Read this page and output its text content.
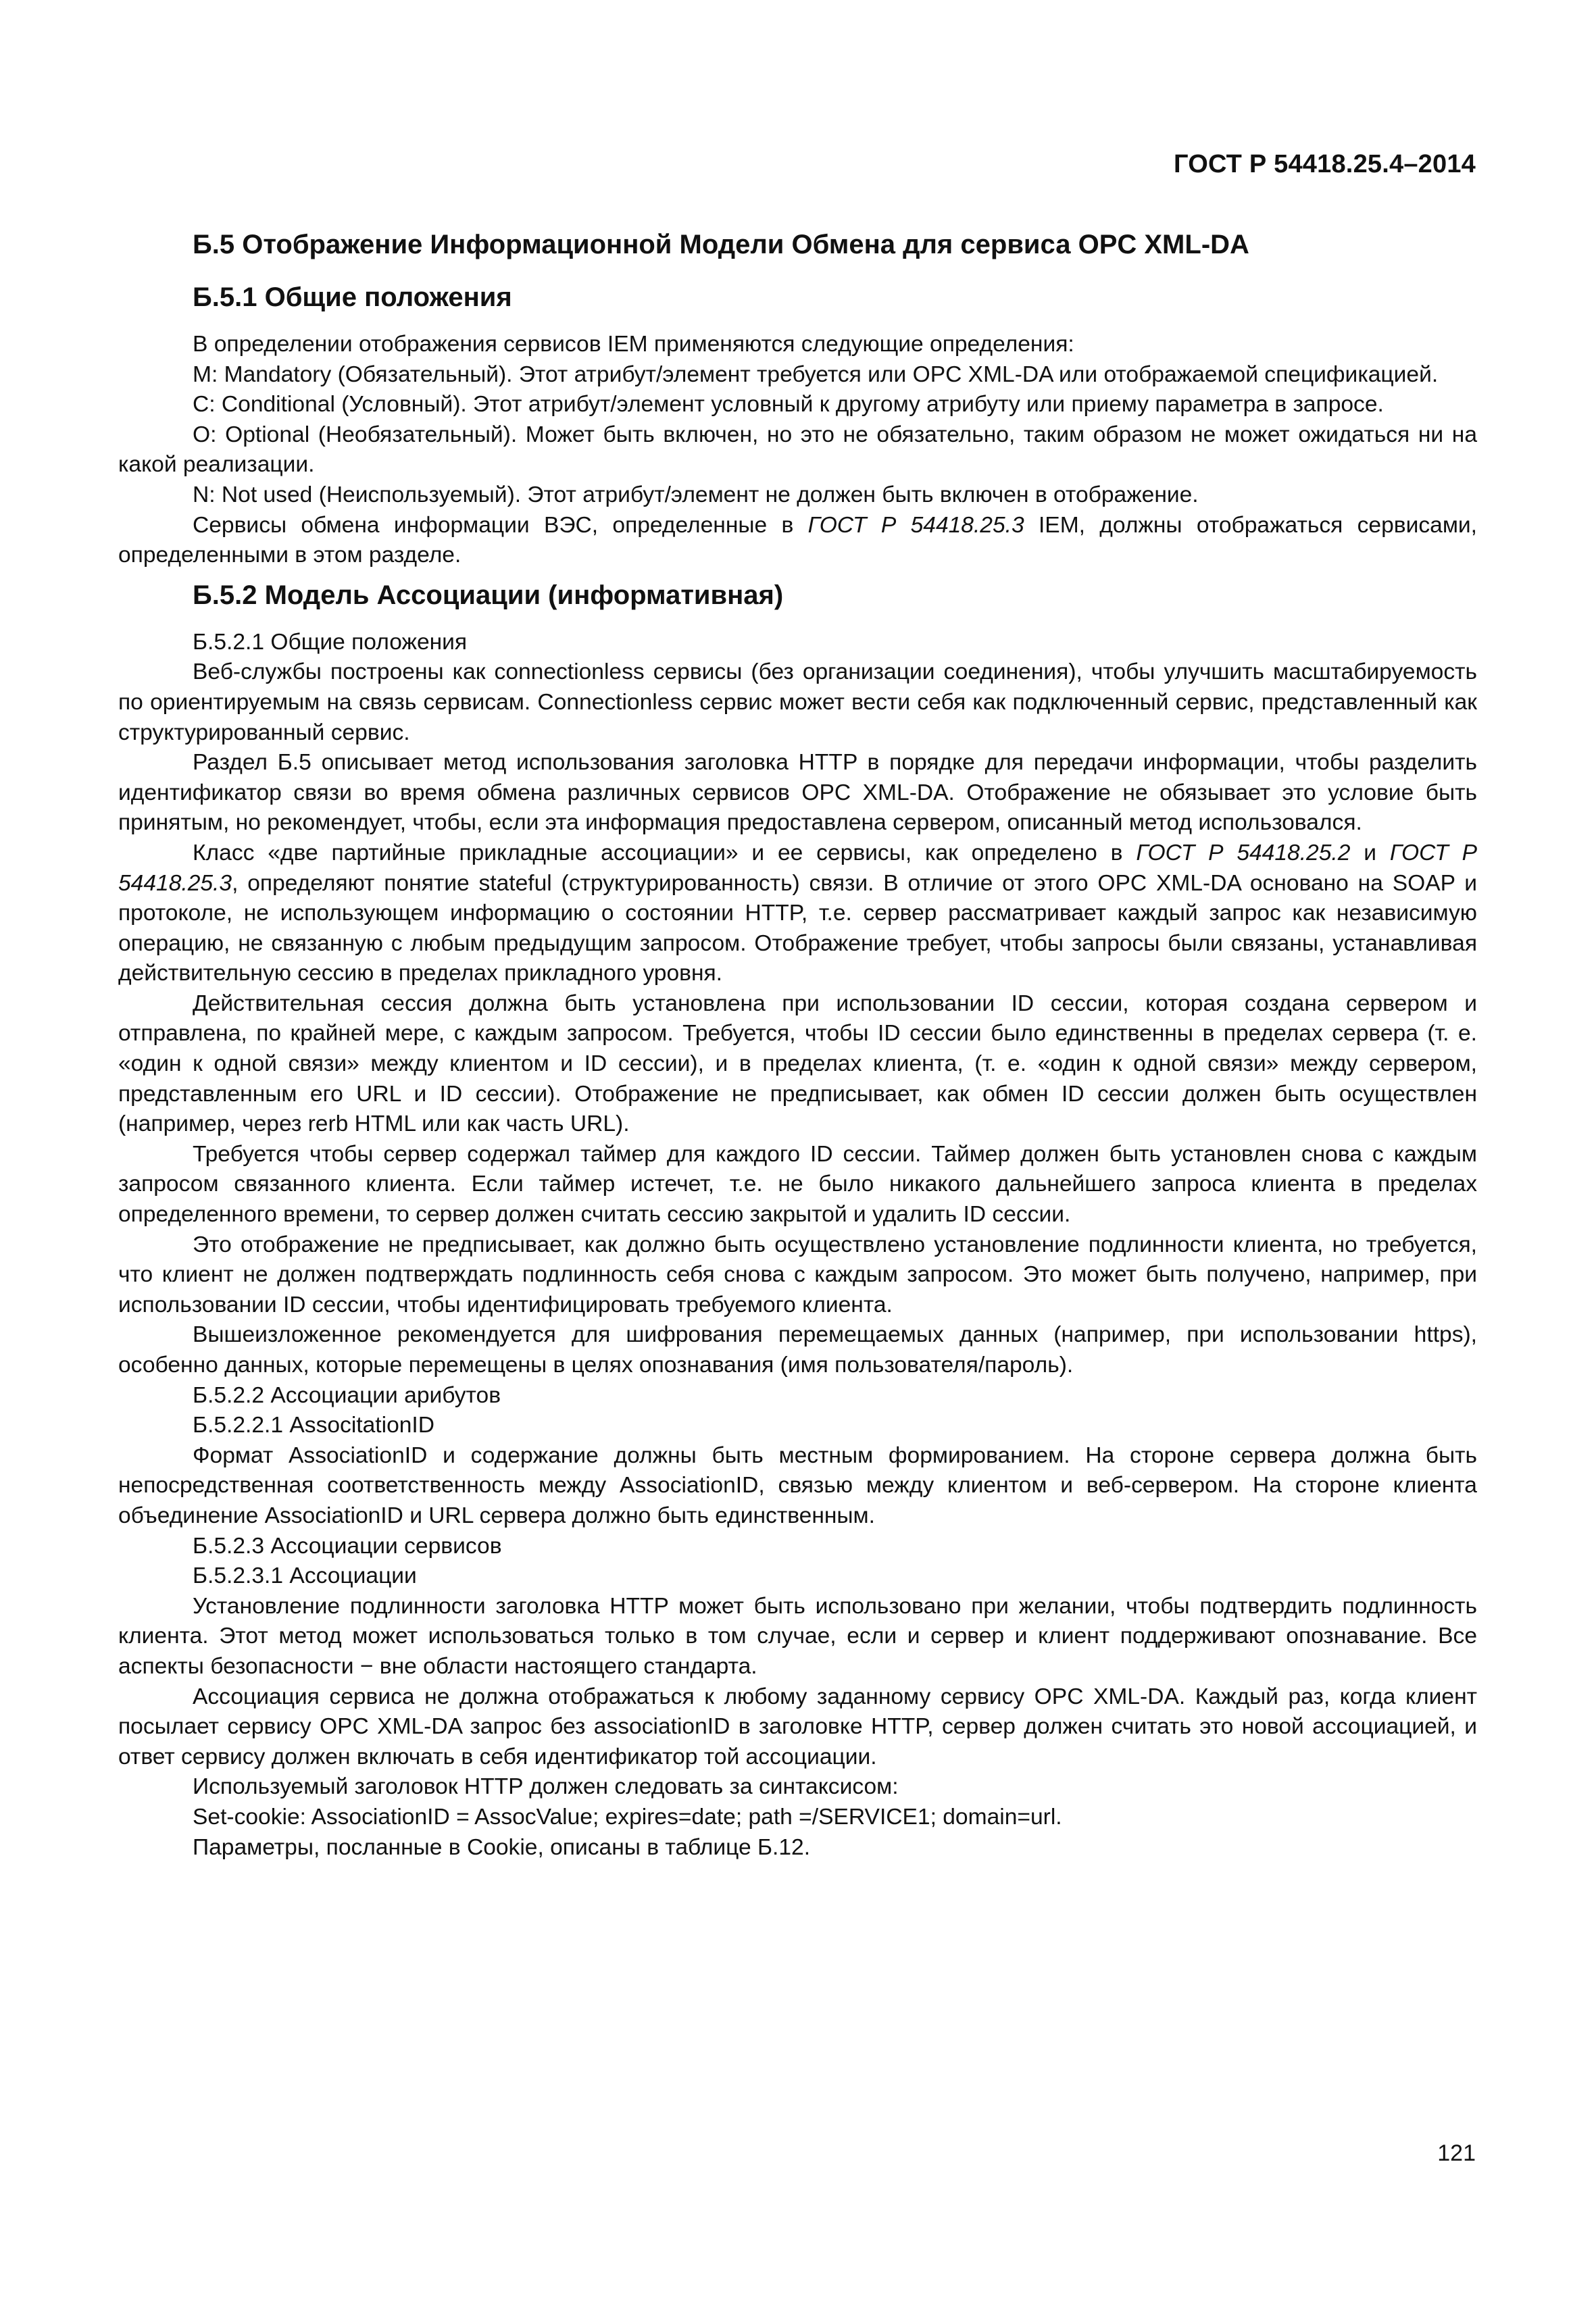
ГОСТ Р 54418.25.4–2014
Б.5 Отображение Информационной Модели Обмена для сервиса OPC XML-DA
Б.5.1 Общие положения

В определении отображения сервисов IEM применяются следующие определения:

M: Mandatory (Обязательный). Этот атрибут/элемент требуется или OPC XML-DA или отображаемой спецификацией.

C: Conditional (Условный). Этот атрибут/элемент условный к другому атрибуту или приему параметра в запросе.

O: Optional (Необязательный). Может быть включен, но это не обязательно, таким образом не может ожидаться ни на какой реализации.

N: Not used (Неиспользуемый). Этот атрибут/элемент не должен быть включен в отображение.

Сервисы обмена информации ВЭС, определенные в ГОСТ Р 54418.25.3 IEM, должны отображаться сервисами, определенными в этом разделе.

Б.5.2 Модель Ассоциации (информативная)

Б.5.2.1 Общие положения

Веб-службы построены как connectionless сервисы (без организации соединения), чтобы улучшить масштабируемость по ориентируемым на связь сервисам. Connectionless сервис может вести себя как подключенный сервис, представленный как структурированный сервис.

Раздел Б.5 описывает метод использования заголовка HTTP в порядке для передачи информации, чтобы разделить идентификатор связи во время обмена различных сервисов OPC XML-DA. Отображение не обязывает это условие быть принятым, но рекомендует, чтобы, если эта информация предоставлена сервером, описанный метод использовался.

Класс «две партийные прикладные ассоциации» и ее сервисы, как определено в ГОСТ Р 54418.25.2 и ГОСТ Р 54418.25.3, определяют понятие stateful (структурированность) связи. В отличие от этого OPC XML-DA основано на SOAP и протоколе, не использующем информацию о состоянии HTTP, т.е. сервер рассматривает каждый запрос как независимую операцию, не связанную с любым предыдущим запросом. Отображение требует, чтобы запросы были связаны, устанавливая действительную сессию в пределах прикладного уровня.

Действительная сессия должна быть установлена при использовании ID сессии, которая создана сервером и отправлена, по крайней мере, с каждым запросом. Требуется, чтобы ID сессии было единственны в пределах сервера (т. е. «один к одной связи» между клиентом и ID сессии), и в пределах клиента, (т. е. «один к одной связи» между сервером, представленным его URL и ID сессии). Отображение не предписывает, как обмен ID сессии должен быть осуществлен (например, через rerb HTML или как часть URL).

Требуется чтобы сервер содержал таймер для каждого ID сессии. Таймер должен быть установлен снова с каждым запросом связанного клиента. Если таймер истечет, т.е. не было никакого дальнейшего запроса клиента в пределах определенного времени, то сервер должен считать сессию закрытой и удалить ID сессии.

Это отображение не предписывает, как должно быть осуществлено установление подлинности клиента, но требуется, что клиент не должен подтверждать подлинность себя снова с каждым запросом. Это может быть получено, например, при использовании ID сессии, чтобы идентифицировать требуемого клиента.

Вышеизложенное рекомендуется для шифрования перемещаемых данных (например, при использовании https), особенно данных, которые перемещены в целях опознавания (имя пользователя/пароль).

Б.5.2.2 Ассоциации арибутов

Б.5.2.2.1 AssocitationID

Формат AssociationID и содержание должны быть местным формированием. На стороне сервера должна быть непосредственная соответственность между AssociationID, связью между клиентом и веб-сервером. На стороне клиента объединение AssociationID и URL сервера должно быть единственным.

Б.5.2.3 Ассоциации сервисов

Б.5.2.3.1 Ассоциации

Установление подлинности заголовка HTTP может быть использовано при желании, чтобы подтвердить подлинность клиента. Этот метод может использоваться только в том случае, если и сервер и клиент поддерживают опознавание. Все аспекты безопасности − вне области настоящего стандарта.

Ассоциация сервиса не должна отображаться к любому заданному сервису OPC XML-DA. Каждый раз, когда клиент посылает сервису OPC XML-DA запрос без associationID в заголовке HTTP, сервер должен считать это новой ассоциацией, и ответ сервису должен включать в себя идентификатор той ассоциации.

Используемый заголовок HTTP должен следовать за синтаксисом:

Set-cookie: AssociationID = AssocValue; expires=date; path =/SERVICE1; domain=url.

Параметры, посланные в Cookie, описаны в таблице Б.12.

121
